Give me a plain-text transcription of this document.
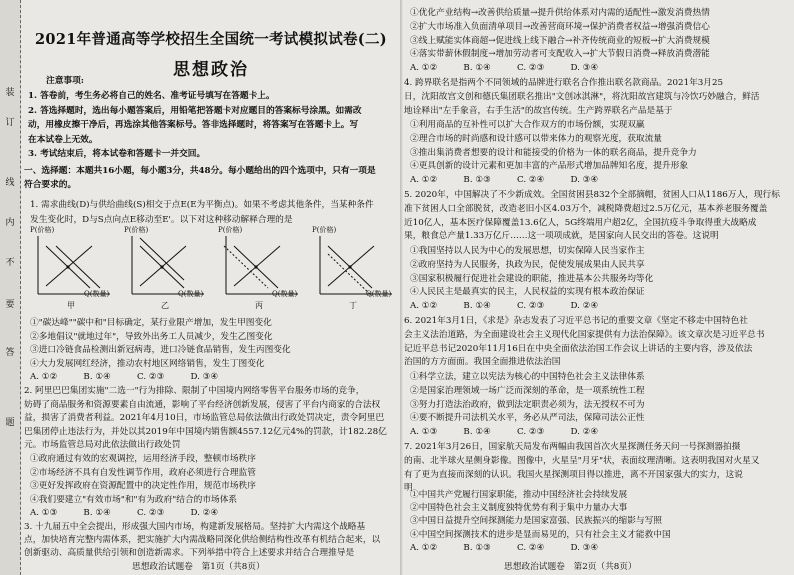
装
订
线
内
不
要
答
题
2021年普通高等学校招生全国统一考试模拟试卷(二)
思想政治
注意事项:
1. 答卷前，考生务必将自己的姓名、准考证号填写在答题卡上。
2. 答选择题时，选出每小题答案后，用铅笔把答题卡对应题目的答案标号涂黑。如需改
动，用橡皮擦干净后，再选涂其他答案标号。答非选择题时，将答案写在答题卡上。写
在本试卷上无效。
3. 考试结束后，将本试卷和答题卡一并交回。
一、选择题：本题共16小题，每小题3分，共48分。每小题给出的四个选项中，只有一项是
符合要求的。
1. 需求曲线(D)与供给曲线(S)相交于点E(E为平衡点)。如果不考虑其他条件，当某种条件
发生变化时，D与S点向点E移动至E'。以下对这种移动解释合理的是
P(价格)
Q(数量)
甲
P(价格)
Q(数量)
乙
P(价格)
Q(数量)
丙
P(价格)
Q(数量)
丁
①"碳达峰""碳中和"目标确定，某行业限产增加，发生甲图变化
②多地倡议"就地过年"，导致外出务工人员减少，发生乙图变化
③进口冷链食品检测出新冠病毒，进口冷链食品销售，发生丙图变化
④大力发展网红经济，推动农村地区网络销售，发生丁图变化
A. ①②　　　B. ①④　　　C. ②③　　　D. ③④
2. 阿里巴巴集团实施"二选一"行为排除、限制了中国境内网络零售平台服务市场的竞争，
妨碍了商品服务和资源要素自由流通，影响了平台经济创新发展，侵害了平台内商家的合法权
益，损害了消费者利益。2021年4月10日，市场监管总局依法做出行政处罚决定，责令阿里巴
巴集团停止违法行为，并处以其2019年中国境内销售额4557.12亿元4%的罚款，计182.28亿
元。市场监管总局对此依法做出行政处罚
①政府通过有效的宏观调控，运用经济手段，整顿市场秩序
②市场经济不具有自发性调节作用，政府必须进行合理监管
③更好发挥政府在资源配置中的决定性作用，规范市场秩序
④我们要建立"有效市场"和"有为政府"结合的市场体系
A. ①③　　　B. ①④　　　C. ②③　　　D. ②④
3. 十九届五中全会提出，形成强大国内市场，构建新发展格局。坚持扩大内需这个战略基
点，加快培育完整内需体系，把实施扩大内需战略同深化供给侧结构性改革有机结合起来，以
创新驱动、高质量供给引领和创造新需求。下列举措中符合上述要求并结合合理推导是
思想政治试题卷　第1页（共8页）
①优化产业结构→改善供给质量→提升供给体系对内需的适配性→激发消费热情
②扩大市场准入负面清单项目→改善营商环境→保护消费者权益→增强消费信心
③线上赋能实体商超→促进线上线下融合→补齐传统商业的短板→扩大消费规模
④落实带薪休假制度→增加劳动者可支配收入→扩大节假日消费→释放消费潜能
A. ①②　　　B. ①④　　　C. ②③　　　D. ③④
4. 跨界联名是指两个不同领域的品牌进行联名合作推出联名款商品。2021年3月25
日，沈阳故宫文创和德氏集团联名推出"文创冰淇淋"，将沈阳故宫建筑与冷饮巧妙融合，鲜活
地诠释出"左手象音，右手生活"的故宫传统。生产跨界联名产品是基于
①利用商品的互补性可以扩大合作双方的市场份额，实现双赢
②理合市场的时尚感和设计感可以带来体力的观察光度，获取流量
③推出集消费者想要的设计和能接受的价格为一体的联名商品，提升竞争力
④更具创新的设计元素和更加丰富的产品形式增加品牌知名度，提升形象
A. ①②　　　B. ①③　　　C. ②④　　　D. ③④
5. 2020年，中国解决了不少新成效。全国贫困县832个全部摘帽，贫困人口从1186万人，现行标
准下贫困人口全部脱贫，改造老旧小区4.03万个，减税降费超过2.5万亿元，基本养老服务覆盖
近10亿人，基本医疗保障覆盖13.6亿人，5G终端用户超2亿，全国抗疫斗争取得重大战略成
果，粮食总产量1.33万亿斤……这一项项成就，是国家向人民交出的答卷。这说明
①我国坚持以人民为中心的发展思想，切实保障人民当家作主
②政府坚持为人民服务，执政为民，促使发展成果由人民共享
③国家积极履行促进社会建设的职能，推进基本公共服务均等化
④人民民主是最真实的民主，人民权益的实现有根本政治保证
A. ①②　　　B. ①④　　　C. ②③　　　D. ②④
6. 2021年3月1日，《求是》杂志发表了习近平总书记的重要文章《坚定不移走中国特色社
会主义法治道路，为全面建设社会主义现代化国家提供有力法治保障》。该文章次是习近平总书
记近平总书记2020年11月16日在中央全面依法治国工作会议上讲话的主要内容，涉及依法
治国的方方面面。我国全面推进依法治国
①科学立法，建立以宪法为核心的中国特色社会主义法律体系
②是国家治理领域一场广泛而深刻的革命，是一项系统性工程
③努力打造法治政府，做到法定职责必须为，法无授权不可为
④要不断提升司法机关水平，务必从严司法，保障司法公正性
A. ①③　　　B. ①④　　　C. ②③　　　D. ②④
7. 2021年3月26日，国家航天局发布两幅由我国首次火星探测任务天问一号探测器拍摄
的南、北半球火星侧身影像。图像中，火星呈"月牙"状，表面纹理清晰。这表明我国对火星又
有了更为直接而深刻的认识。我国火星探测项目得以推进，离不开国家强大的实力，这说
明
①中国共产党履行国家职能，推动中国经济社会持续发展
②中国特色社会主义制度独特优势有利于集中力量办大事
③中国日益提升空间探测能力是国家富强、民族振兴的缩影与写照
④中国空间探测技术的进步是显而易见的，只有社会主义才能救中国
A. ①②　　　B. ①③　　　C. ②④　　　D. ③④
思想政治试题卷　第2页（共8页）
